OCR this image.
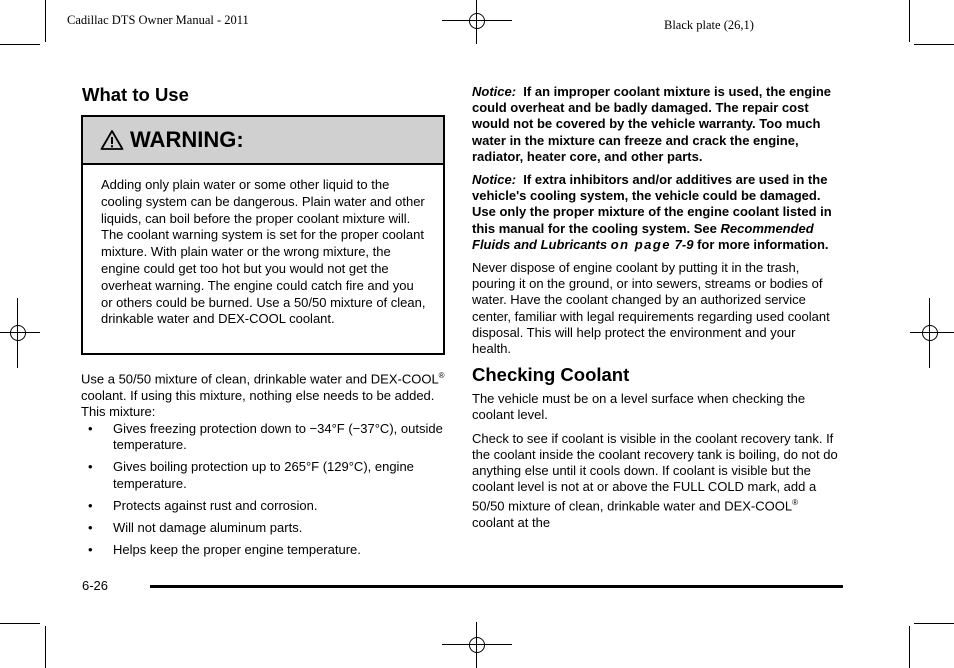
Cadillac DTS Owner Manual - 2011	Black plate (26,1)
What to Use
WARNING:
Adding only plain water or some other liquid to the cooling system can be dangerous. Plain water and other liquids, can boil before the proper coolant mixture will. The coolant warning system is set for the proper coolant mixture. With plain water or the wrong mixture, the engine could get too hot but you would not get the overheat warning. The engine could catch fire and you or others could be burned. Use a 50/50 mixture of clean, drinkable water and DEX-COOL coolant.
Use a 50/50 mixture of clean, drinkable water and DEX-COOL® coolant. If using this mixture, nothing else needs to be added. This mixture:
• Gives freezing protection down to −34°F (−37°C), outside temperature.
• Gives boiling protection up to 265°F (129°C), engine temperature.
• Protects against rust and corrosion.
• Will not damage aluminum parts.
• Helps keep the proper engine temperature.

Notice: If an improper coolant mixture is used, the engine could overheat and be badly damaged. The repair cost would not be covered by the vehicle warranty. Too much water in the mixture can freeze and crack the engine, radiator, heater core, and other parts.

Notice: If extra inhibitors and/or additives are used in the vehicle's cooling system, the vehicle could be damaged. Use only the proper mixture of the engine coolant listed in this manual for the cooling system. See Recommended Fluids and Lubricants on page 7-9 for more information.

Never dispose of engine coolant by putting it in the trash, pouring it on the ground, or into sewers, streams or bodies of water. Have the coolant changed by an authorized service center, familiar with legal requirements regarding used coolant disposal. This will help protect the environment and your health.

Checking Coolant

The vehicle must be on a level surface when checking the coolant level.

Check to see if coolant is visible in the coolant recovery tank. If the coolant inside the coolant recovery tank is boiling, do not do anything else until it cools down. If coolant is visible but the coolant level is not at or above the FULL COLD mark, add a 50/50 mixture of clean, drinkable water and DEX-COOL® coolant at the

6-26
